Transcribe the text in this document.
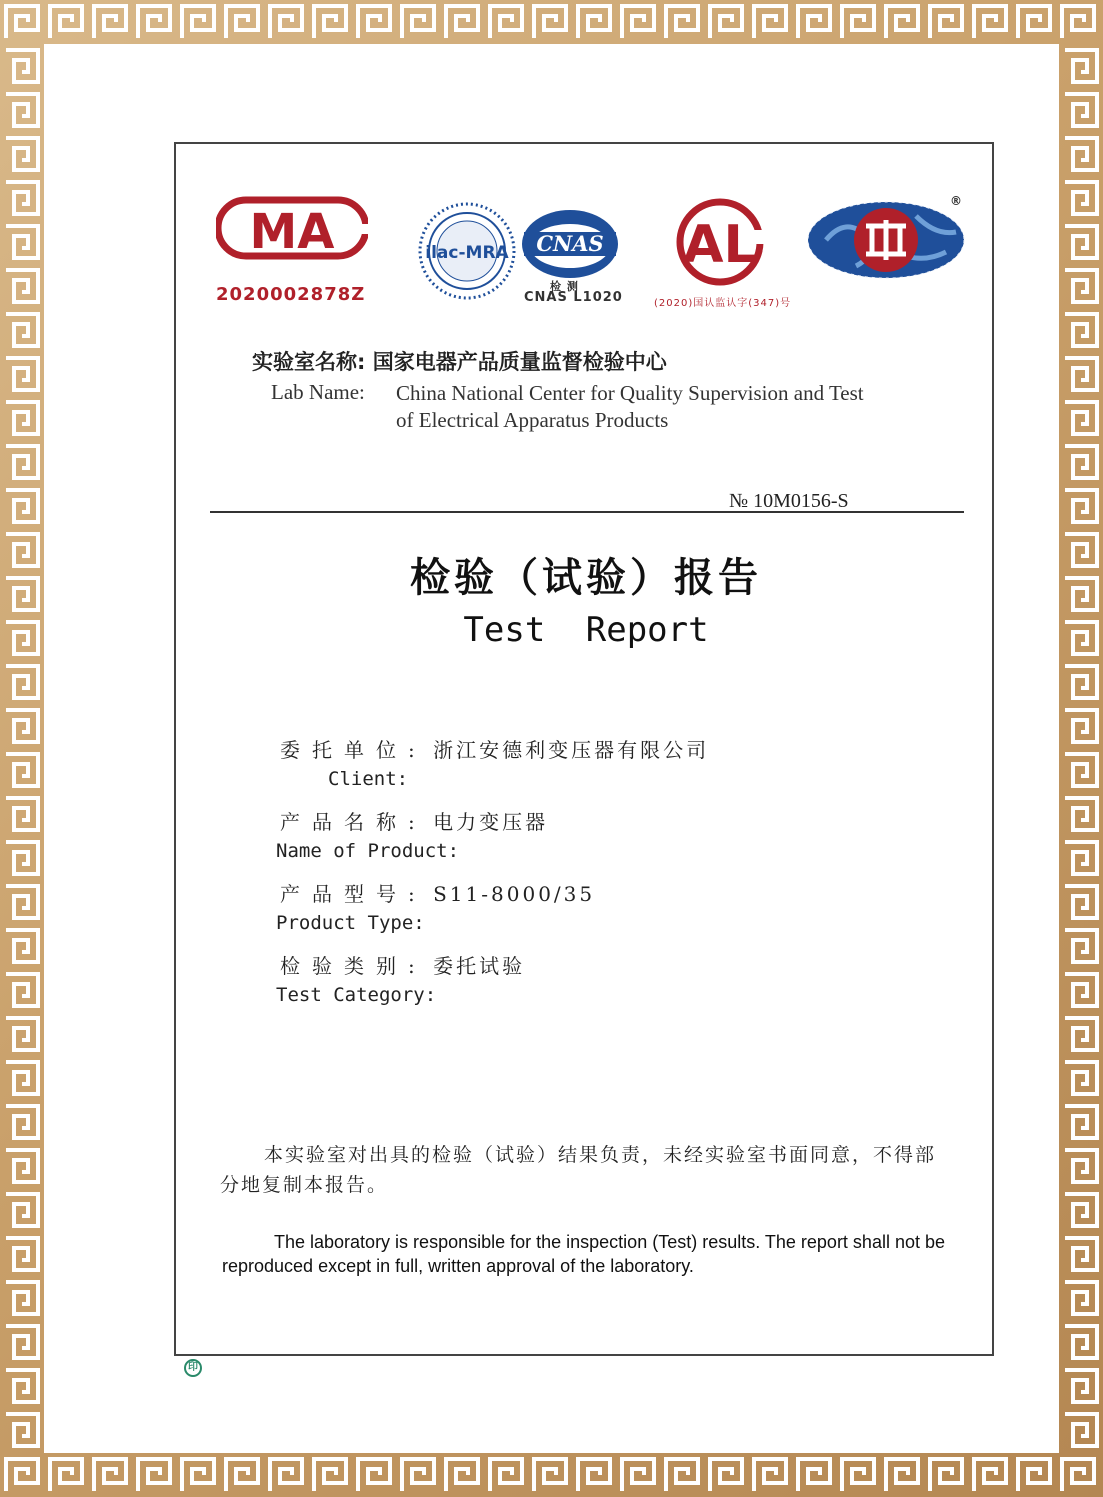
MA
2020002878Z
ilac-MRA CNAS
检 测
CNAS L1020
AL
(2020)国认监认字(347)号
®
实验室名称: 国家电器产品质量监督检验中心
Lab Name: China National Center for Quality Supervision and Test of Electrical Apparatus Products
№ 10M0156-S
检验（试验）报告
Test Report
委托单位: 浙江安德利变压器有限公司
Client:
产品名称: 电力变压器
Name of Product:
产品型号: S11-8000/35
Product Type:
检验类别: 委托试验
Test Category:
本实验室对出具的检验（试验）结果负责，未经实验室书面同意，不得部分地复制本报告。
The laboratory is responsible for the inspection (Test) results. The report shall not be reproduced except in full, written approval of the laboratory.
印
